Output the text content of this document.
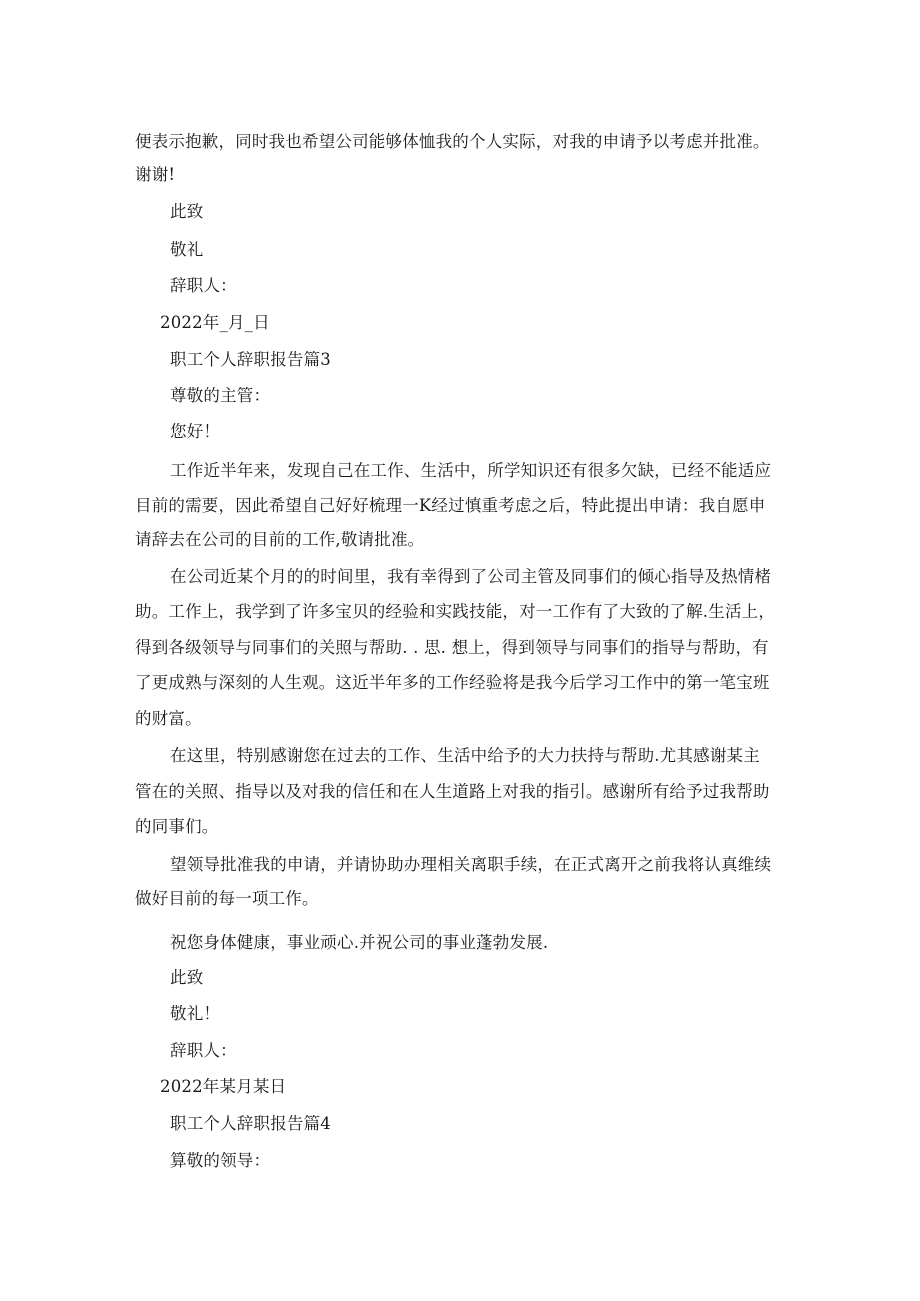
便表示抱歉，同时我也希望公司能够体恤我的个人实际，对我的申请予以考虑并批准。
谢谢!
此致
敬礼
辞职人：
2022年_月_日
职工个人辞职报告篇3
尊敬的主管：
您好！
工作近半年来，发现自己在工作、生活中，所学知识还有很多欠缺，已经不能适应
目前的需要，因此希望自己好好梳理一K经过慎重考虑之后，特此提出申请：我自愿申
请辞去在公司的目前的工作,敬请批准。
在公司近某个月的的时间里，我有幸得到了公司主管及同事们的倾心指导及热情楮
助。工作上，我学到了许多宝贝的经验和实践技能，对一工作有了大致的了解.生活上，
得到各级领导与同事们的关照与帮助. . 思. 想上，得到领导与同事们的指导与帮助，有
了更成熟与深刻的人生观。这近半年多的工作经验将是我今后学习工作中的第一笔宝班
的财富。
在这里，特别感谢您在过去的工作、生活中给予的大力扶持与帮助.尤其感谢某主
管在的关照、指导以及对我的信任和在人生道路上对我的指引。感谢所有给予过我帮助
的同事们。
望领导批准我的申请，并请协助办理相关离职手续，在正式离开之前我将认真维续
做好目前的每一项工作。
祝您身体健康，事业顽心.并祝公司的事业蓬勃发展.
此致
敬礼！
辞职人：
2022年某月某日
职工个人辞职报告篇4
算敬的领导：
